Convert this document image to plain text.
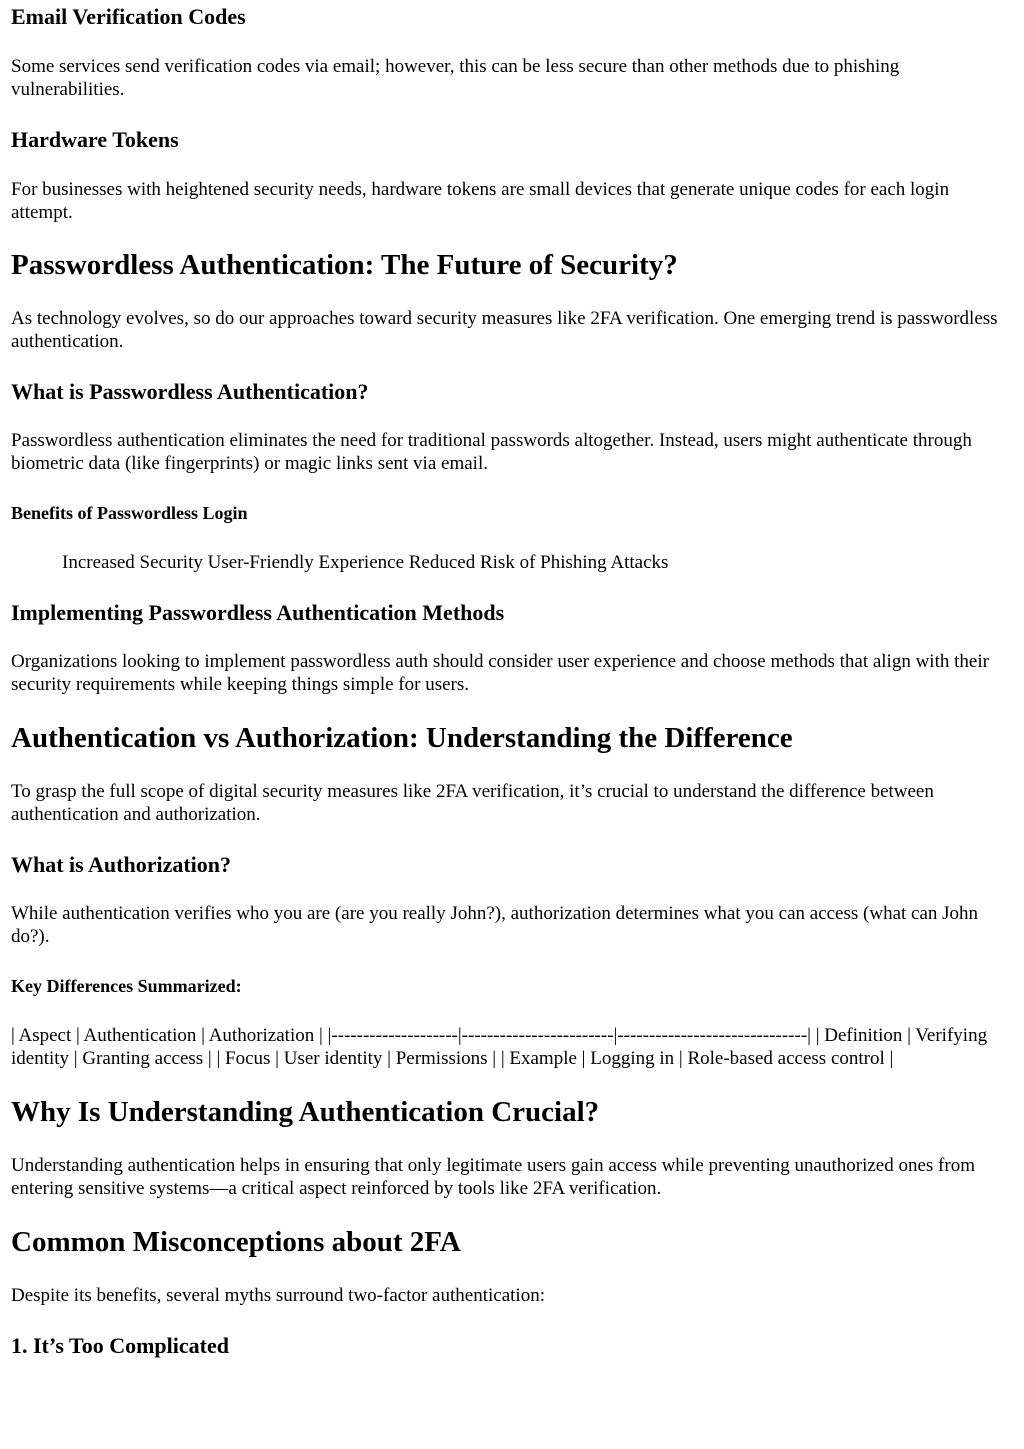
Email Verification Codes
Some services send verification codes via email; however, this can be less secure than other methods due to phishing vulnerabilities.
Hardware Tokens
For businesses with heightened security needs, hardware tokens are small devices that generate unique codes for each login attempt.
Passwordless Authentication: The Future of Security?
As technology evolves, so do our approaches toward security measures like 2FA verification. One emerging trend is passwordless authentication.
What is Passwordless Authentication?
Passwordless authentication eliminates the need for traditional passwords altogether. Instead, users might authenticate through biometric data (like fingerprints) or magic links sent via email.
Benefits of Passwordless Login
Increased Security User-Friendly Experience Reduced Risk of Phishing Attacks
Implementing Passwordless Authentication Methods
Organizations looking to implement passwordless auth should consider user experience and choose methods that align with their security requirements while keeping things simple for users.
Authentication vs Authorization: Understanding the Difference
To grasp the full scope of digital security measures like 2FA verification, it’s crucial to understand the difference between authentication and authorization.
What is Authorization?
While authentication verifies who you are (are you really John?), authorization determines what you can access (what can John do?).
Key Differences Summarized:
| Aspect | Authentication | Authorization | |--------------------|------------------------|------------------------------| | Definition | Verifying identity | Granting access | | Focus | User identity | Permissions | | Example | Logging in | Role-based access control |
Why Is Understanding Authentication Crucial?
Understanding authentication helps in ensuring that only legitimate users gain access while preventing unauthorized ones from entering sensitive systems—a critical aspect reinforced by tools like 2FA verification.
Common Misconceptions about 2FA
Despite its benefits, several myths surround two-factor authentication:
1. It’s Too Complicated
